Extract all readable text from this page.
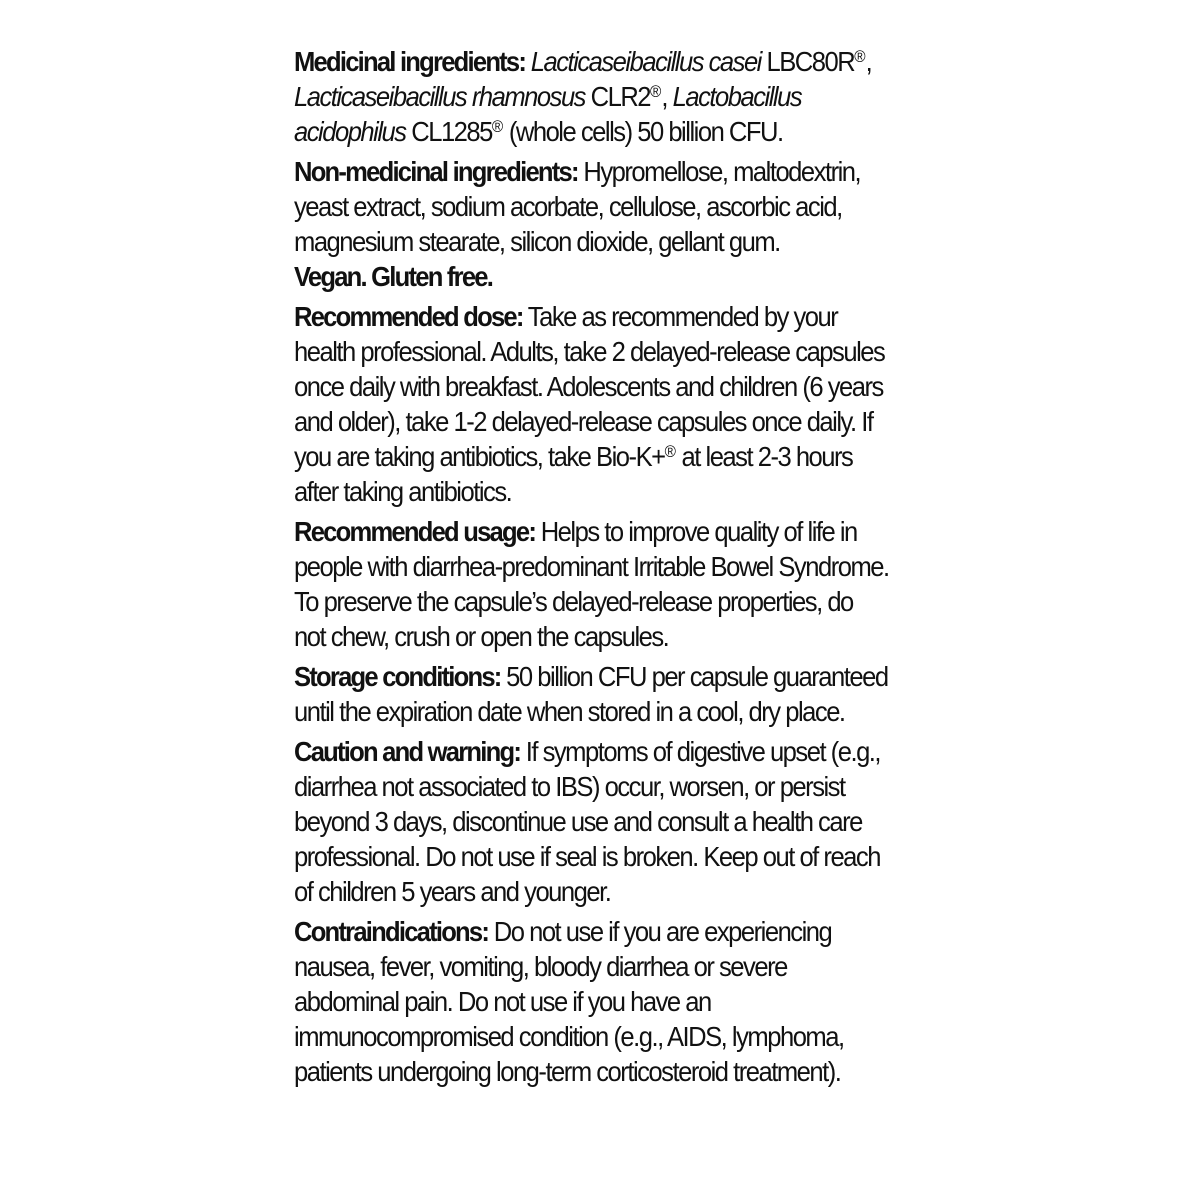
Medicinal ingredients: Lacticaseibacillus casei LBC80R®, Lacticaseibacillus rhamnosus CLR2®, Lactobacillus acidophilus CL1285® (whole cells) 50 billion CFU.

Non-medicinal ingredients: Hypromellose, maltodextrin, yeast extract, sodium acorbate, cellulose, ascorbic acid, magnesium stearate, silicon dioxide, gellant gum.

Vegan. Gluten free.

Recommended dose: Take as recommended by your health professional. Adults, take 2 delayed-release capsules once daily with breakfast. Adolescents and children (6 years and older), take 1-2 delayed-release capsules once daily. If you are taking antibiotics, take Bio-K+® at least 2-3 hours after taking antibiotics.

Recommended usage: Helps to improve quality of life in people with diarrhea-predominant Irritable Bowel Syndrome. To preserve the capsule’s delayed-release properties, do not chew, crush or open the capsules.

Storage conditions: 50 billion CFU per capsule guaranteed until the expiration date when stored in a cool, dry place.

Caution and warning: If symptoms of digestive upset (e.g., diarrhea not associated to IBS) occur, worsen, or persist beyond 3 days, discontinue use and consult a health care professional. Do not use if seal is broken. Keep out of reach of children 5 years and younger.

Contraindications: Do not use if you are experiencing nausea, fever, vomiting, bloody diarrhea or severe abdominal pain. Do not use if you have an immunocompromised condition (e.g., AIDS, lymphoma, patients undergoing long-term corticosteroid treatment).
